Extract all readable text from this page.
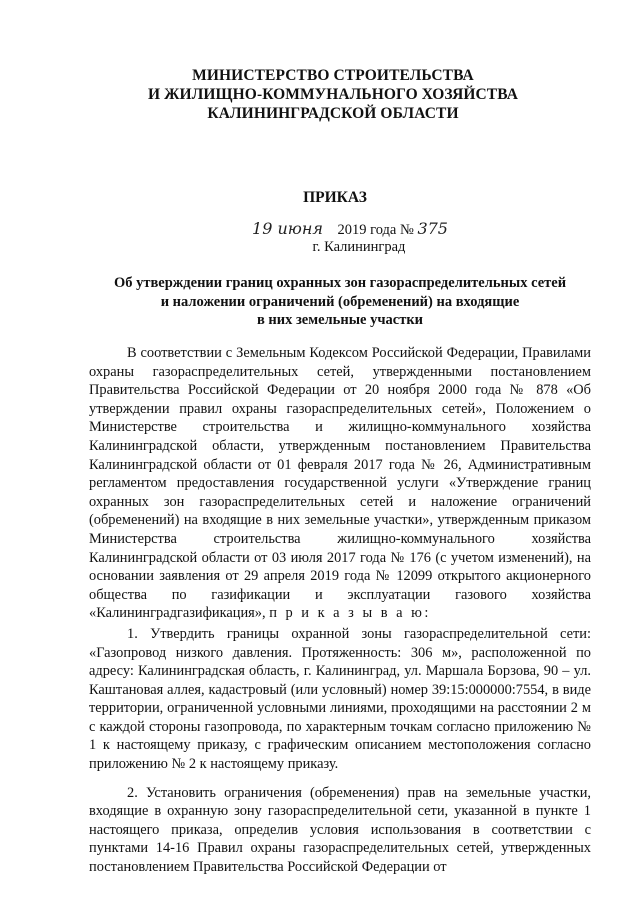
МИНИСТЕРСТВО СТРОИТЕЛЬСТВА
И ЖИЛИЩНО-КОММУНАЛЬНОГО ХОЗЯЙСТВА
КАЛИНИНГРАДСКОЙ ОБЛАСТИ
ПРИКАЗ
19 июня 2019 года № 375
г. Калининград
Об утверждении границ охранных зон газораспределительных сетей
и наложении ограничений (обременений) на входящие
в них земельные участки

В соответствии с Земельным Кодексом Российской Федерации, Правилами охраны газораспределительных сетей, утвержденными постановлением Правительства Российской Федерации от 20 ноября 2000 года № 878 «Об утверждении правил охраны газораспределительных сетей», Положением о Министерстве строительства и жилищно-коммунального хозяйства Калининградской области, утвержденным постановлением Правительства Калининградской области от 01 февраля 2017 года № 26, Административным регламентом предоставления государственной услуги «Утверждение границ охранных зон газораспределительных сетей и наложение ограничений (обременений) на входящие в них земельные участки», утвержденным приказом Министерства строительства жилищно-коммунального хозяйства Калининградской области от 03 июля 2017 года № 176 (с учетом изменений), на основании заявления от 29 апреля 2019 года № 12099 открытого акционерного общества по газификации и эксплуатации газового хозяйства «Калининградгазификация», п р и к а з ы в а ю:

1. Утвердить границы охранной зоны газораспределительной сети: «Газопровод низкого давления. Протяженность: 306 м», расположенной по адресу: Калининградская область, г. Калининград, ул. Маршала Борзова, 90 – ул. Каштановая аллея, кадастровый (или условный) номер 39:15:000000:7554, в виде территории, ограниченной условными линиями, проходящими на расстоянии 2 м с каждой стороны газопровода, по характерным точкам согласно приложению № 1 к настоящему приказу, с графическим описанием местоположения согласно приложению № 2 к настоящему приказу.

2. Установить ограничения (обременения) прав на земельные участки, входящие в охранную зону газораспределительной сети, указанной в пункте 1 настоящего приказа, определив условия использования в соответствии с пунктами 14-16 Правил охраны газораспределительных сетей, утвержденных постановлением Правительства Российской Федерации от
